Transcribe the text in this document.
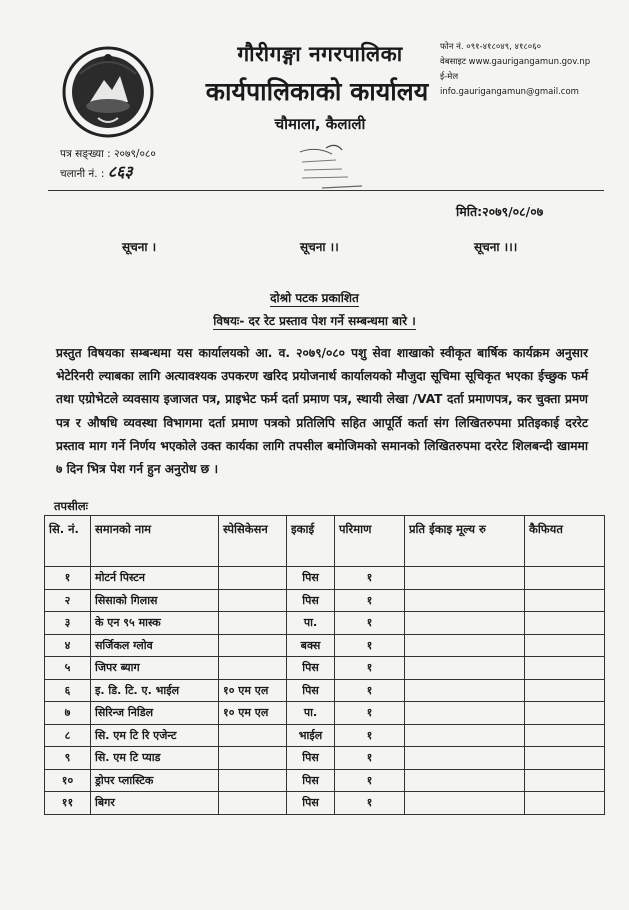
गौरीगङ्गा नगरपालिका
कार्यपालिकाको कार्यालय
चौमाला, कैलाली
फोन नं. ०९१-४१८०४९, ४१८०६०
वेबसाइट www.gaurigangamun.gov.np
ई-मेल
info.gaurigangamun@gmail.com
पत्र सङ्ख्या : २०७९/०८०
चलानी नं. : ८६३
मिति:२०७९/०८/०७
सूचना ।	सूचना ।।	सूचना ।।।
दोश्रो पटक प्रकाशित
विषयः- दर रेट प्रस्ताव पेश गर्ने सम्बन्धमा बारे ।
प्रस्तुत विषयका सम्बन्धमा यस कार्यालयको आ. व. २०७९/०८० पशु सेवा शाखाको स्वीकृत बार्षिक कार्यक्रम अनुसार भेटेरिनरी ल्याबका लागि अत्यावश्यक उपकरण खरिद प्रयोजनार्थ कार्यालयको मौजुदा सूचिमा सूचिकृत भएका ईच्छुक फर्म तथा एग्रोभेटले व्यवसाय इजाजत पत्र, प्राइभेट फर्म दर्ता प्रमाण पत्र, स्थायी लेखा /VAT दर्ता प्रमाणपत्र, कर चुक्ता प्रमण पत्र र औषधि व्यवस्था विभागमा दर्ता प्रमाण पत्रको प्रतिलिपि सहित आपूर्ति कर्ता संग लिखितरुपमा प्रतिइकाई दररेट प्रस्ताव माग गर्ने निर्णय भएकोले उक्त कार्यका लागि तपसील बमोजिमको समानको लिखितरुपमा दररेट शिलबन्दी खाममा ७ दिन भित्र पेश गर्न हुन अनुरोध छ ।
तपसीलः
सि. नं.	समानको नाम	स्पेसिकेसन	इकाई	परिमाण	प्रति ईकाइ मूल्य रु	कैफियत
१	मोटर्न पिस्टन		पिस	१		
२	सिसाको गिलास		पिस	१		
३	के एन ९५ मास्क		पा.	१		
४	सर्जिकल ग्लोव		बक्स	१		
५	जिपर ब्याग		पिस	१		
६	इ. डि. टि. ए. भाईल	१० एम एल	पिस	१		
७	सिरिन्ज निडिल	१० एम एल	पा.	१		
८	सि. एम टि रि एजेन्ट		भाईल	१		
९	सि. एम टि प्याड		पिस	१		
१०	ड्रोपर प्लास्टिक		पिस	१		
११	बिगर		पिस	१		
